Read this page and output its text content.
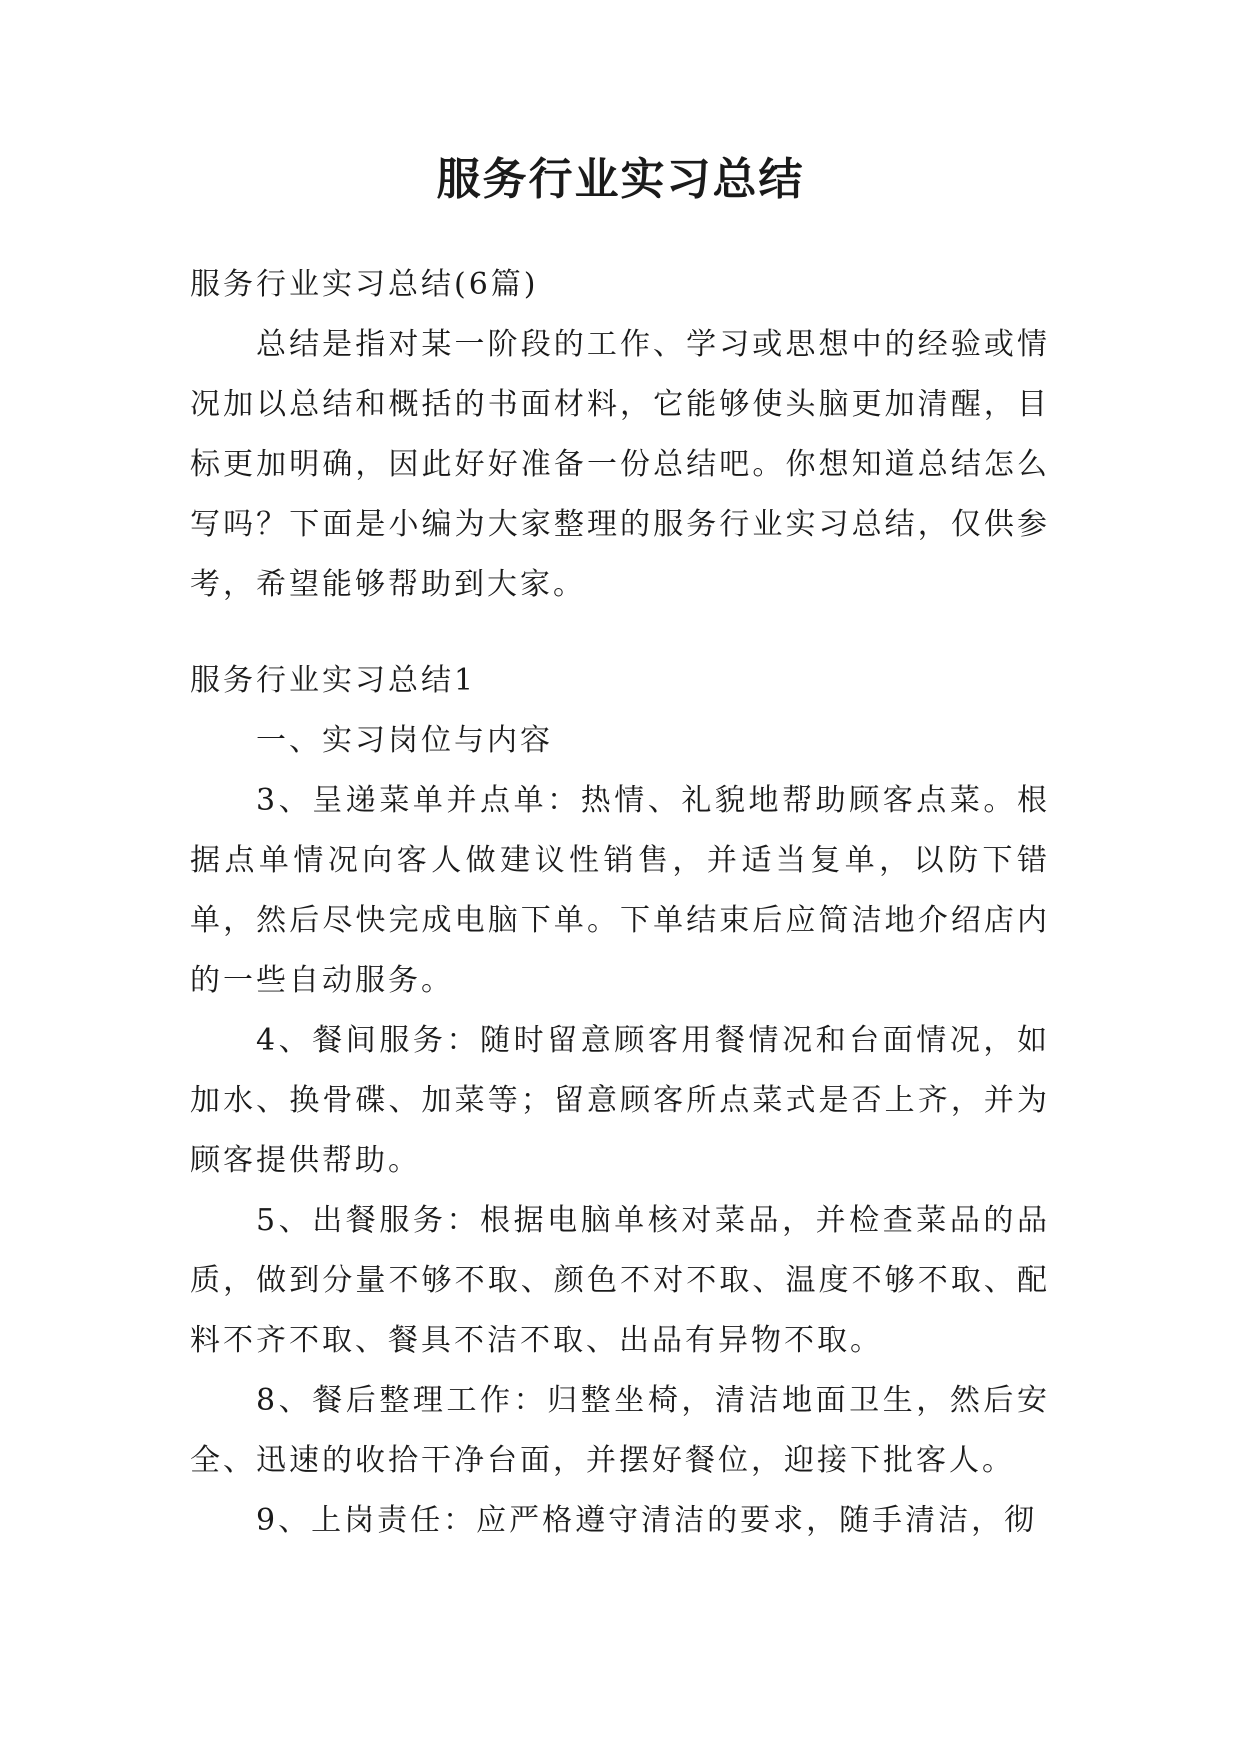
服务行业实习总结

服务行业实习总结(6篇)

总结是指对某一阶段的工作、学习或思想中的经验或情况加以总结和概括的书面材料，它能够使头脑更加清醒，目标更加明确，因此好好准备一份总结吧。你想知道总结怎么写吗？下面是小编为大家整理的服务行业实习总结，仅供参考，希望能够帮助到大家。

服务行业实习总结1

一、实习岗位与内容

3、呈递菜单并点单：热情、礼貌地帮助顾客点菜。根据点单情况向客人做建议性销售，并适当复单，以防下错单，然后尽快完成电脑下单。下单结束后应简洁地介绍店内的一些自动服务。

4、餐间服务：随时留意顾客用餐情况和台面情况，如加水、换骨碟、加菜等；留意顾客所点菜式是否上齐，并为顾客提供帮助。

5、出餐服务：根据电脑单核对菜品，并检查菜品的品质，做到分量不够不取、颜色不对不取、温度不够不取、配料不齐不取、餐具不洁不取、出品有异物不取。

8、餐后整理工作：归整坐椅，清洁地面卫生，然后安全、迅速的收拾干净台面，并摆好餐位，迎接下批客人。

9、上岗责任：应严格遵守清洁的要求，随手清洁，彻
